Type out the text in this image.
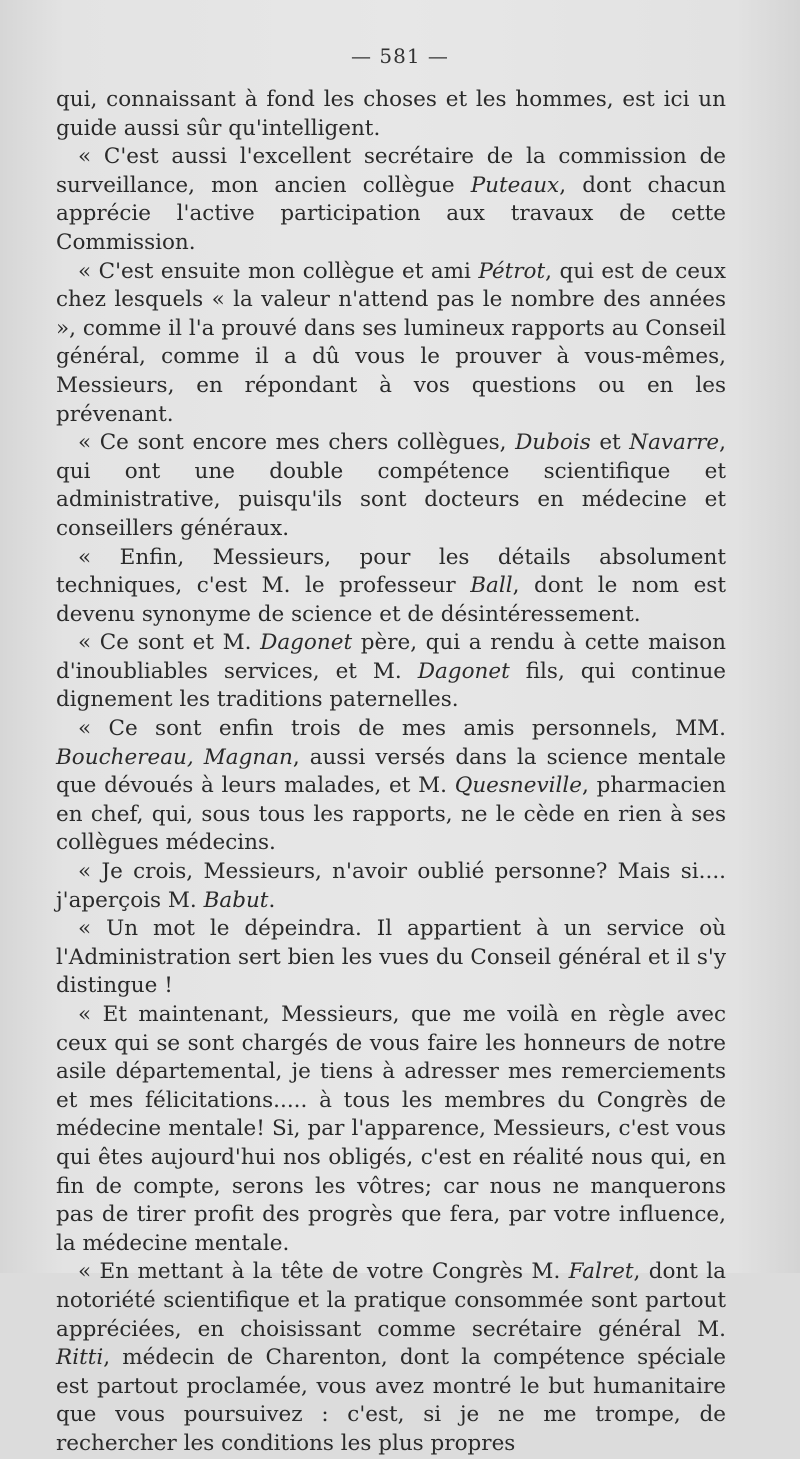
— 581 —

qui, connaissant à fond les choses et les hommes, est ici un guide aussi sûr qu'intelligent.

« C'est aussi l'excellent secrétaire de la commission de surveillance, mon ancien collègue Puteaux, dont chacun apprécie l'active participation aux travaux de cette Commission.

« C'est ensuite mon collègue et ami Pétrot, qui est de ceux chez lesquels « la valeur n'attend pas le nombre des années », comme il l'a prouvé dans ses lumineux rapports au Conseil général, comme il a dû vous le prouver à vous-mêmes, Messieurs, en répondant à vos questions ou en les prévenant.

« Ce sont encore mes chers collègues, Dubois et Navarre, qui ont une double compétence scientifique et administrative, puisqu'ils sont docteurs en médecine et conseillers généraux.

« Enfin, Messieurs, pour les détails absolument techniques, c'est M. le professeur Ball, dont le nom est devenu synonyme de science et de désintéressement.

« Ce sont et M. Dagonet père, qui a rendu à cette maison d'inoubliables services, et M. Dagonet fils, qui continue dignement les traditions paternelles.

« Ce sont enfin trois de mes amis personnels, MM. Bouchereau, Magnan, aussi versés dans la science mentale que dévoués à leurs malades, et M. Quesneville, pharmacien en chef, qui, sous tous les rapports, ne le cède en rien à ses collègues médecins.

« Je crois, Messieurs, n'avoir oublié personne? Mais si.... j'aperçois M. Babut.

« Un mot le dépeindra. Il appartient à un service où l'Administration sert bien les vues du Conseil général et il s'y distingue !

« Et maintenant, Messieurs, que me voilà en règle avec ceux qui se sont chargés de vous faire les honneurs de notre asile départemental, je tiens à adresser mes remerciements et mes félicitations..... à tous les membres du Congrès de médecine mentale! Si, par l'apparence, Messieurs, c'est vous qui êtes aujourd'hui nos obligés, c'est en réalité nous qui, en fin de compte, serons les vôtres; car nous ne manquerons pas de tirer profit des progrès que fera, par votre influence, la médecine mentale.

« En mettant à la tête de votre Congrès M. Falret, dont la notoriété scientifique et la pratique consommée sont partout appréciées, en choisissant comme secrétaire général M. Ritti, médecin de Charenton, dont la compétence spéciale est partout proclamée, vous avez montré le but humanitaire que vous poursuivez : c'est, si je ne me trompe, de rechercher les conditions les plus propres
